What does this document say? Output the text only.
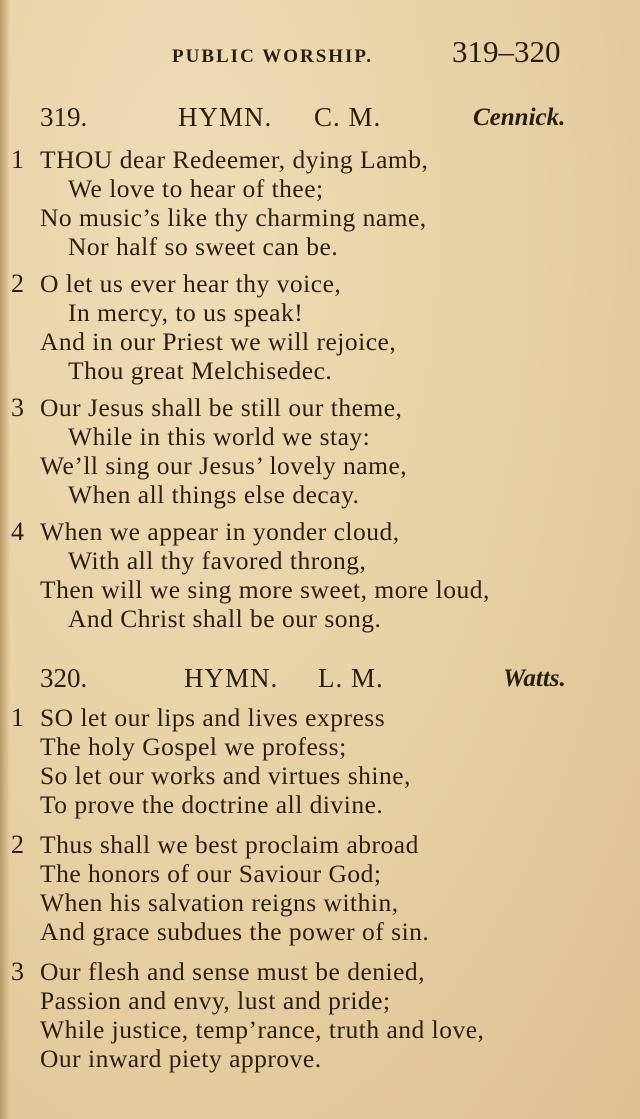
PUBLIC WORSHIP.	319–320
319.	HYMN. C. M.	Cennick.
1 THOU dear Redeemer, dying Lamb,
We love to hear of thee;
No music’s like thy charming name,
Nor half so sweet can be.
2 O let us ever hear thy voice,
In mercy, to us speak!
And in our Priest we will rejoice,
Thou great Melchisedec.
3 Our Jesus shall be still our theme,
While in this world we stay:
We’ll sing our Jesus’ lovely name,
When all things else decay.
4 When we appear in yonder cloud,
With all thy favored throng,
Then will we sing more sweet, more loud,
And Christ shall be our song.
320.	HYMN. L. M.	Watts.
1 SO let our lips and lives express
The holy Gospel we profess;
So let our works and virtues shine,
To prove the doctrine all divine.
2 Thus shall we best proclaim abroad
The honors of our Saviour God;
When his salvation reigns within,
And grace subdues the power of sin.
3 Our flesh and sense must be denied,
Passion and envy, lust and pride;
While justice, temp’rance, truth and love,
Our inward piety approve.
